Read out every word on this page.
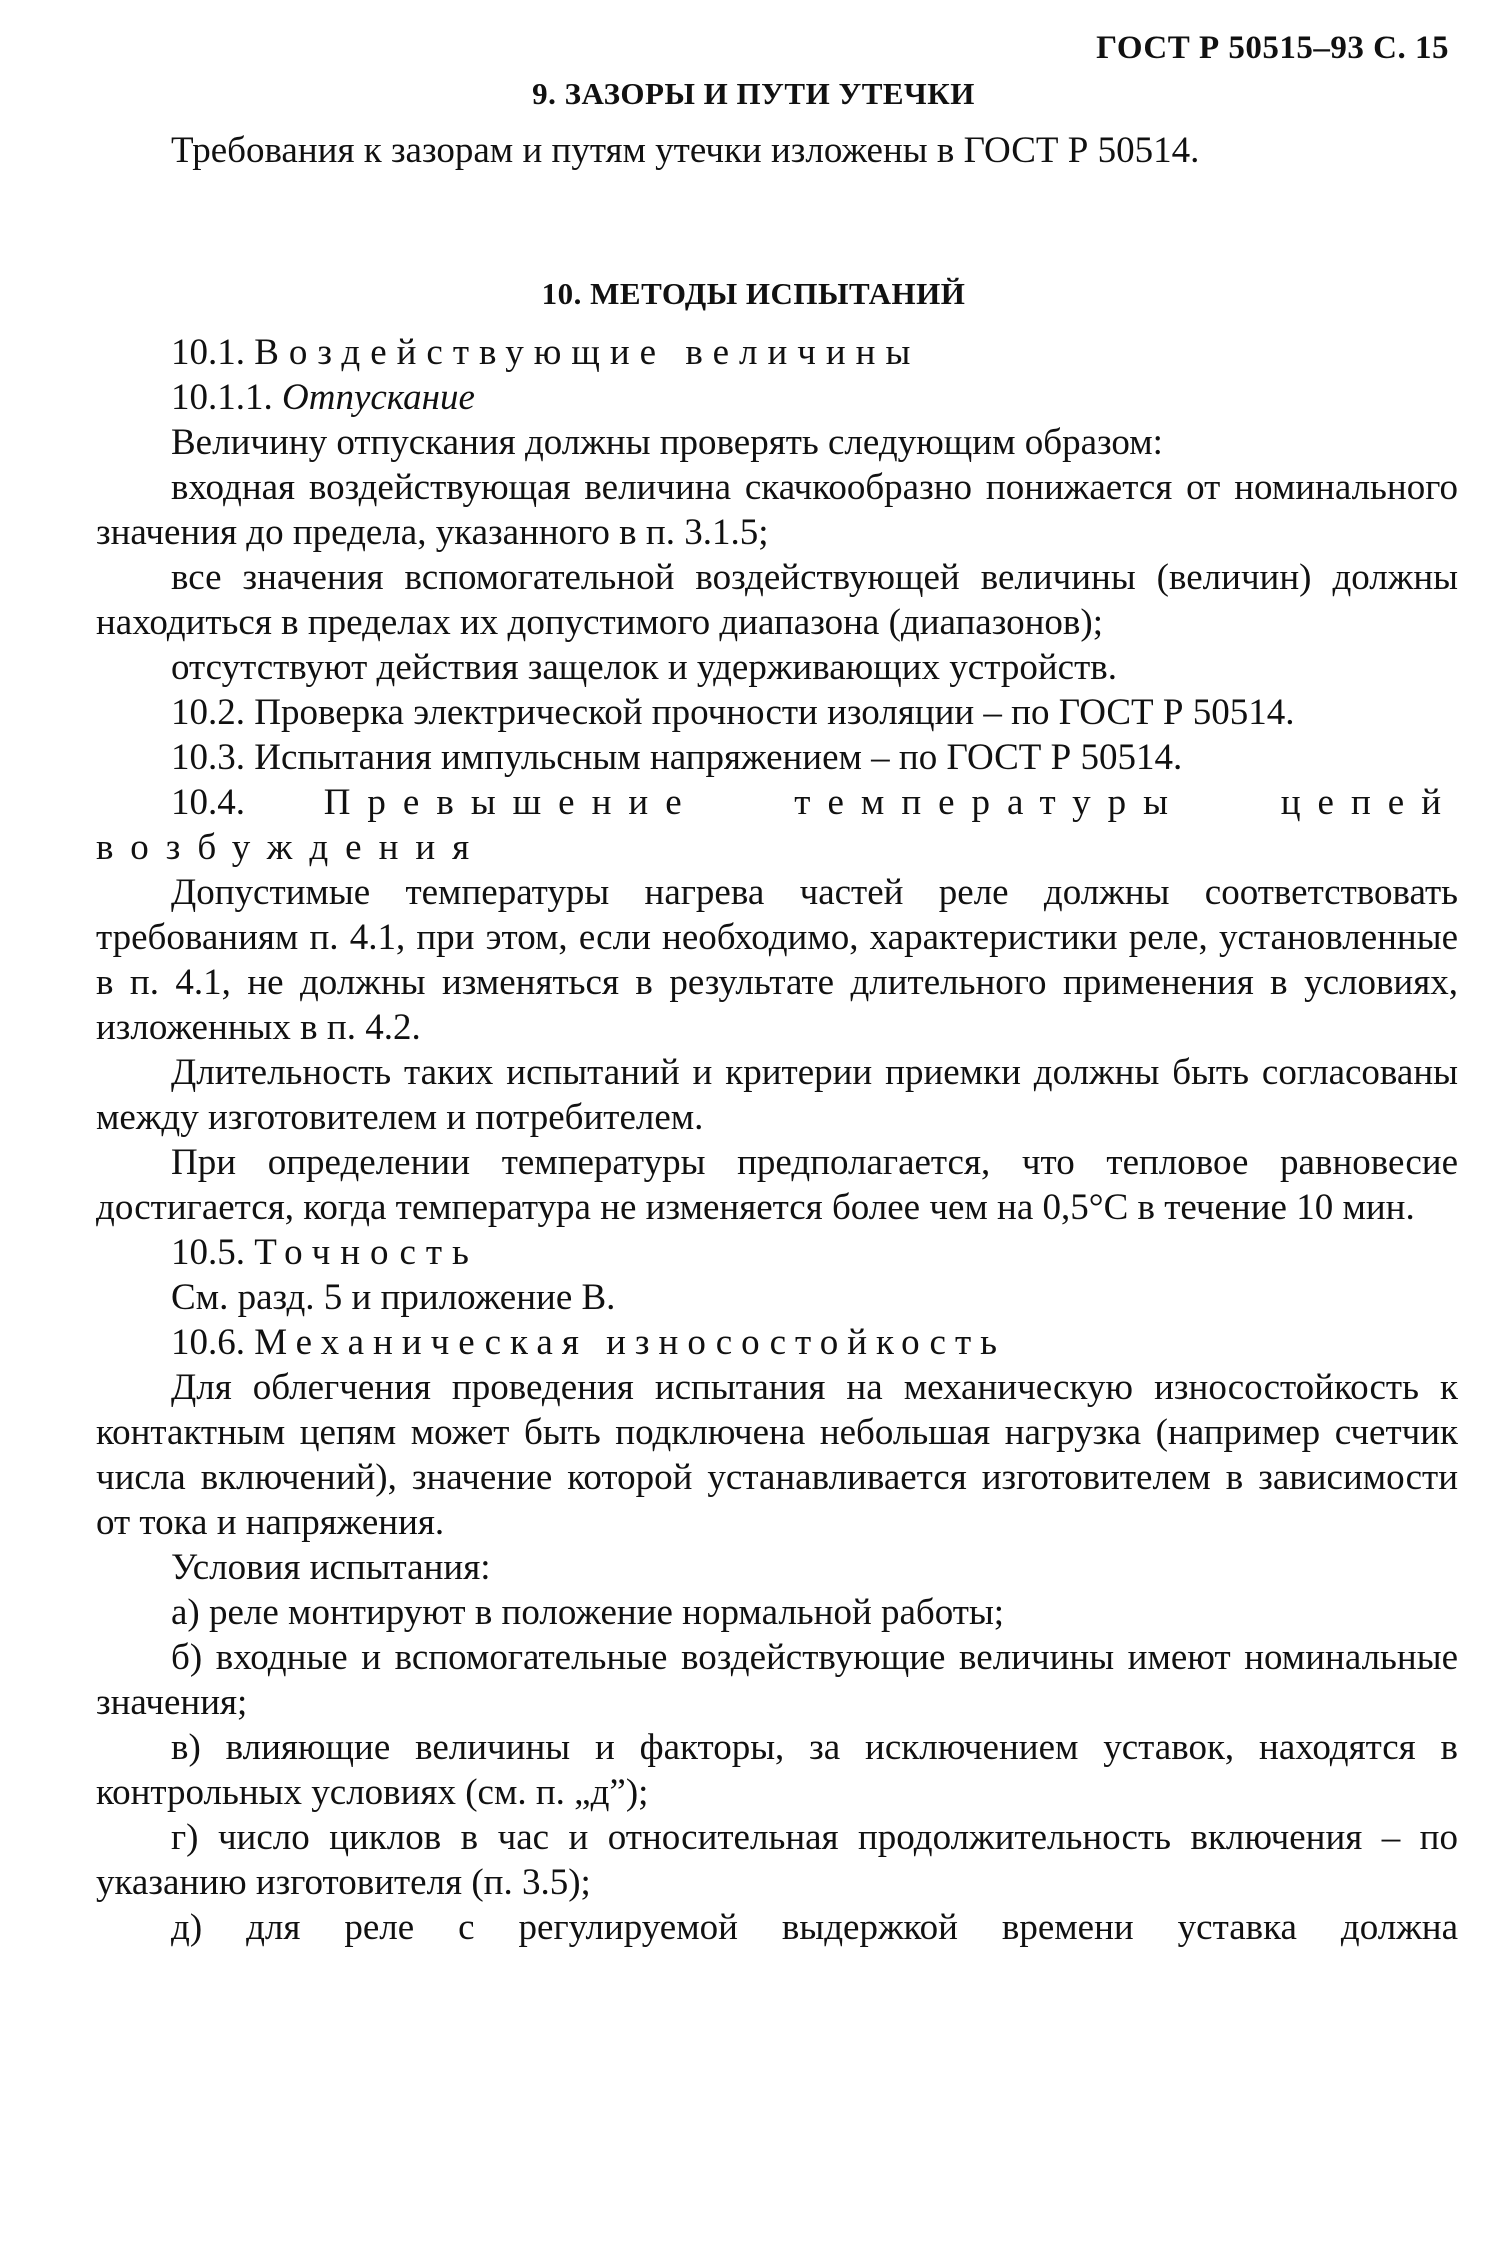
ГОСТ Р 50515–93 С. 15
9. ЗАЗОРЫ И ПУТИ УТЕЧКИ

Требования к зазорам и путям утечки изложены в ГОСТ Р 50514.

10. МЕТОДЫ ИСПЫТАНИЙ

10.1. Воздействующие величины

10.1.1. Отпускание

Величину отпускания должны проверять следующим образом:

входная воздействующая величина скачкообразно понижается от номинального значения до предела, указанного в п. 3.1.5;

все значения вспомогательной воздействующей величины (величин) должны находиться в пределах их допустимого диапазона (диапазонов);

отсутствуют действия защелок и удерживающих устройств.

10.2. Проверка электрической прочности изоляции – по ГОСТ Р 50514.

10.3. Испытания импульсным напряжением – по ГОСТ Р 50514.

10.4. Превышение температуры цепей возбуждения

Допустимые температуры нагрева частей реле должны соответствовать требованиям п. 4.1, при этом, если необходимо, характеристики реле, установленные в п. 4.1, не должны изменяться в результате длительного применения в условиях, изложенных в п. 4.2.

Длительность таких испытаний и критерии приемки должны быть согласованы между изготовителем и потребителем.

При определении температуры предполагается, что тепловое равновесие достигается, когда температура не изменяется более чем на 0,5°С в течение 10 мин.

10.5. Точность

См. разд. 5 и приложение В.

10.6. Механическая износостойкость

Для облегчения проведения испытания на механическую износостойкость к контактным цепям может быть подключена небольшая нагрузка (например счетчик числа включений), значение которой устанавливается изготовителем в зависимости от тока и напряжения.

Условия испытания:

а) реле монтируют в положение нормальной работы;

б) входные и вспомогательные воздействующие величины имеют номинальные значения;

в) влияющие величины и факторы, за исключением уставок, находятся в контрольных условиях (см. п. „д”);

г) число циклов в час и относительная продолжительность включения – по указанию изготовителя (п. 3.5);

д) для реле с регулируемой выдержкой времени уставка должна
